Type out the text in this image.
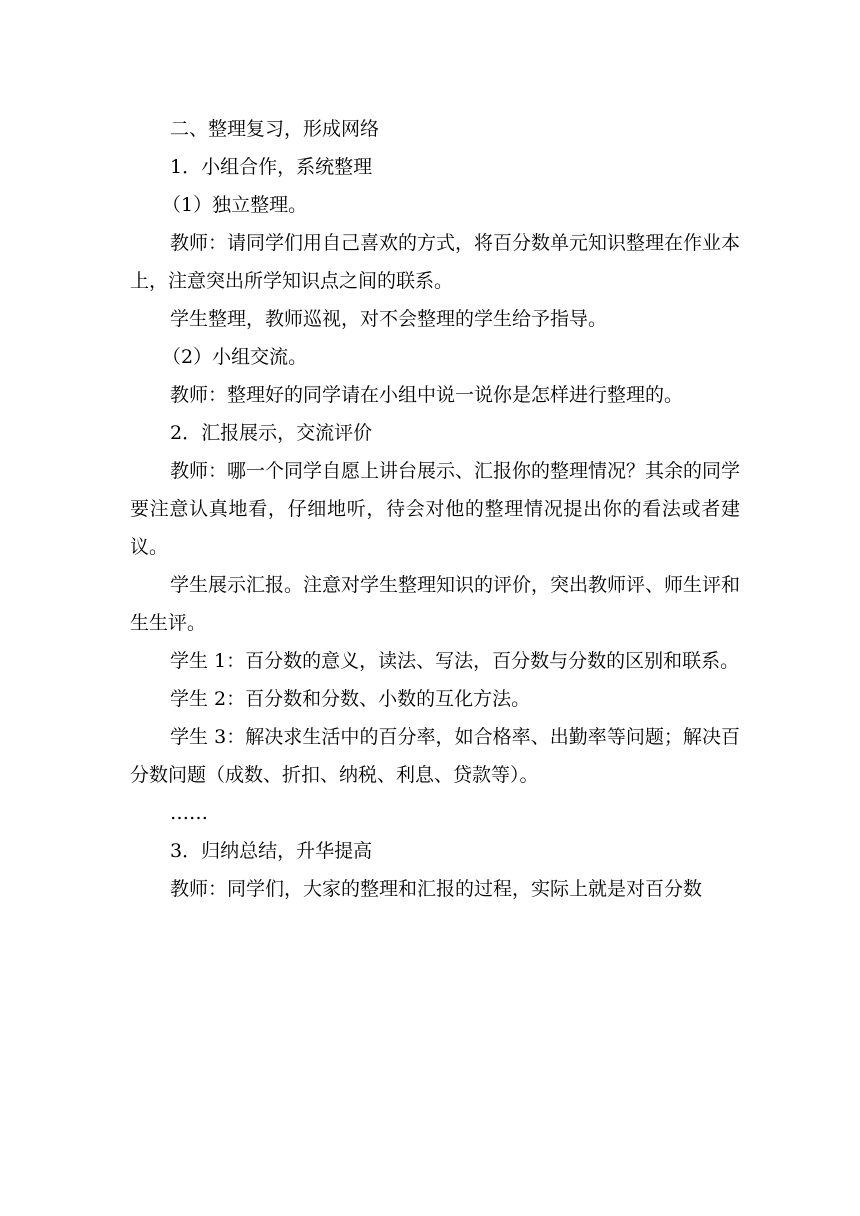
二、整理复习，形成网络

1．小组合作，系统整理

（1）独立整理。

教师：请同学们用自己喜欢的方式，将百分数单元知识整理在作业本上，注意突出所学知识点之间的联系。

学生整理，教师巡视，对不会整理的学生给予指导。

（2）小组交流。

教师：整理好的同学请在小组中说一说你是怎样进行整理的。

2．汇报展示，交流评价

教师：哪一个同学自愿上讲台展示、汇报你的整理情况？其余的同学要注意认真地看，仔细地听，待会对他的整理情况提出你的看法或者建议。

学生展示汇报。注意对学生整理知识的评价，突出教师评、师生评和生生评。

学生 1：百分数的意义，读法、写法，百分数与分数的区别和联系。

学生 2：百分数和分数、小数的互化方法。

学生 3：解决求生活中的百分率，如合格率、出勤率等问题；解决百分数问题（成数、折扣、纳税、利息、贷款等）。

……

3．归纳总结，升华提高

教师：同学们，大家的整理和汇报的过程，实际上就是对百分数
